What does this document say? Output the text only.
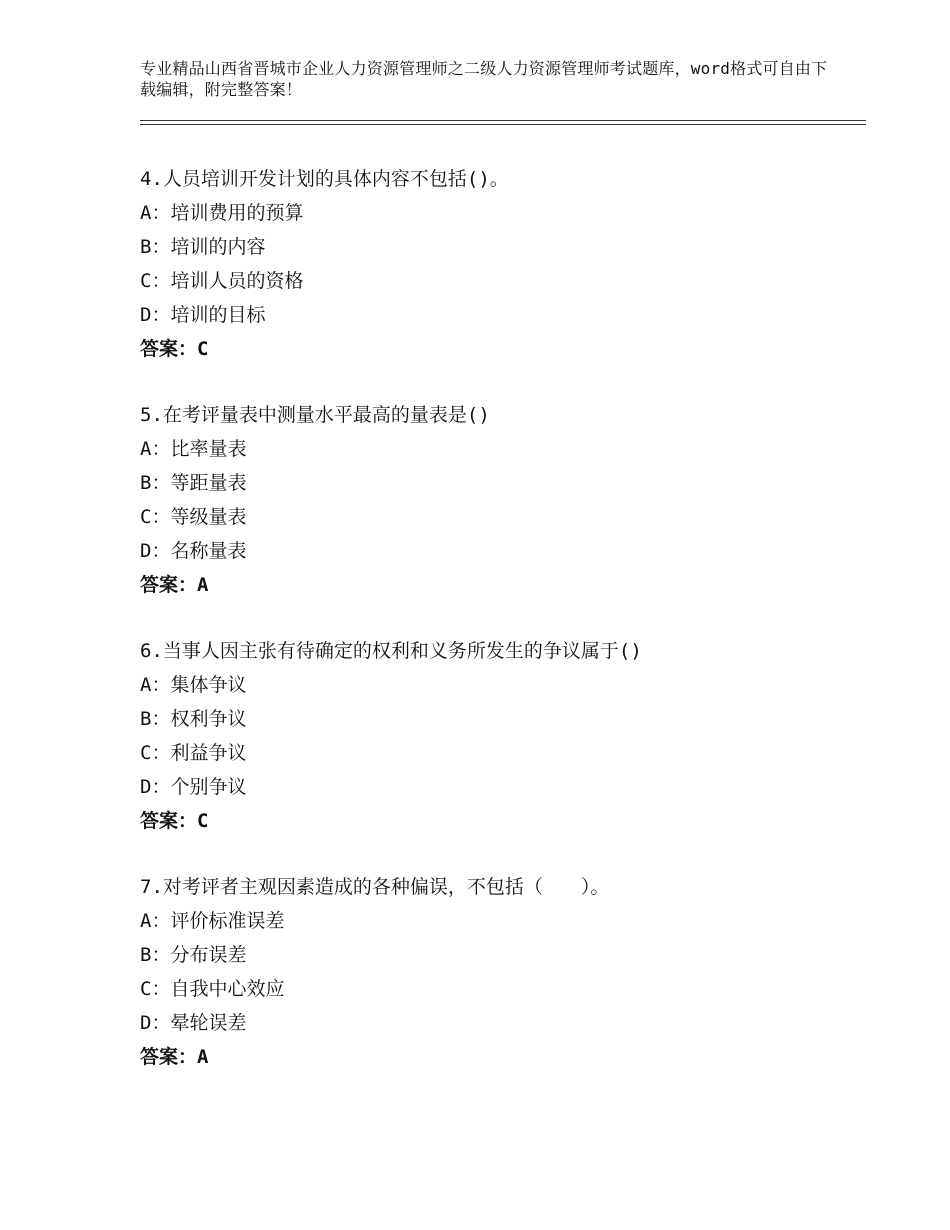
专业精品山西省晋城市企业人力资源管理师之二级人力资源管理师考试题库，word格式可自由下载编辑，附完整答案！
4.人员培训开发计划的具体内容不包括()。
A：培训费用的预算
B：培训的内容
C：培训人员的资格
D：培训的目标
答案：C
5.在考评量表中测量水平最高的量表是()
A：比率量表
B：等距量表
C：等级量表
D：名称量表
答案：A
6.当事人因主张有待确定的权利和义务所发生的争议属于()
A：集体争议
B：权利争议
C：利益争议
D：个别争议
答案：C
7.对考评者主观因素造成的各种偏误，不包括（　　）。
A：评价标准误差
B：分布误差
C：自我中心效应
D：晕轮误差
答案：A
